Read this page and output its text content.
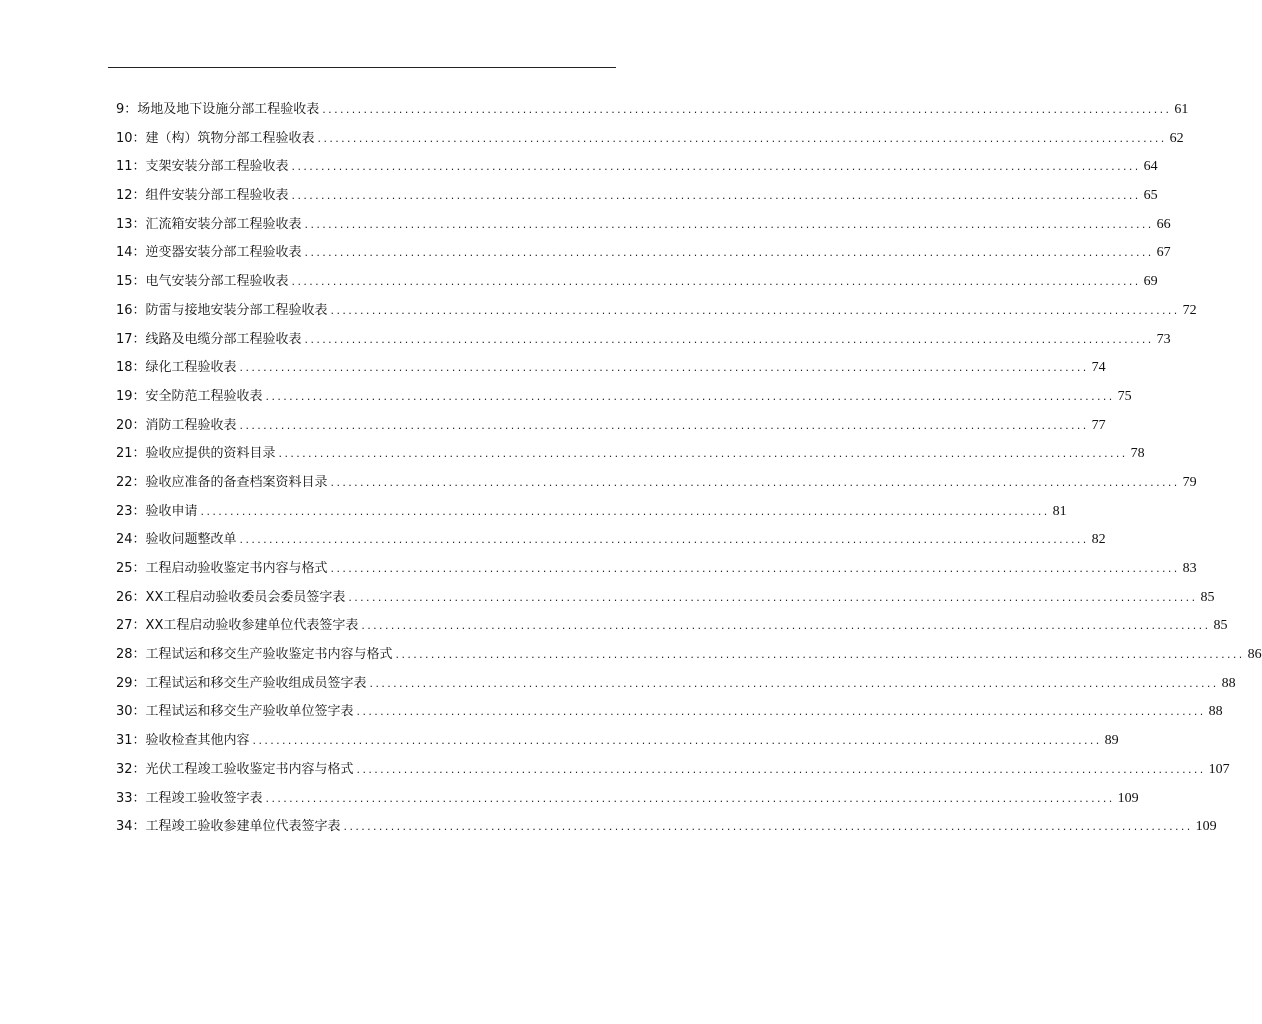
9：场地及地下设施分部工程验收表 ................................................................................................................................................ 61
10：建（构）筑物分部工程验收表 ................................................................................................................................................ 62
11：支架安装分部工程验收表 ................................................................................................................................................ 64
12：组件安装分部工程验收表 ................................................................................................................................................ 65
13：汇流箱安装分部工程验收表 ................................................................................................................................................ 66
14：逆变器安装分部工程验收表 ................................................................................................................................................ 67
15：电气安装分部工程验收表 ................................................................................................................................................ 69
16：防雷与接地安装分部工程验收表 ................................................................................................................................................ 72
17：线路及电缆分部工程验收表 ................................................................................................................................................ 73
18：绿化工程验收表 ................................................................................................................................................ 74
19：安全防范工程验收表 ................................................................................................................................................ 75
20：消防工程验收表 ................................................................................................................................................ 77
21：验收应提供的资料目录 ................................................................................................................................................ 78
22：验收应准备的备查档案资料目录 ................................................................................................................................................ 79
23：验收申请 ................................................................................................................................................ 81
24：验收问题整改单 ................................................................................................................................................ 82
25：工程启动验收鉴定书内容与格式 ................................................................................................................................................ 83
26：XX工程启动验收委员会委员签字表 ................................................................................................................................................ 85
27：XX工程启动验收参建单位代表签字表 ................................................................................................................................................ 85
28：工程试运和移交生产验收鉴定书内容与格式 ................................................................................................................................................ 86
29：工程试运和移交生产验收组成员签字表 ................................................................................................................................................ 88
30：工程试运和移交生产验收单位签字表 ................................................................................................................................................ 88
31：验收检查其他内容 ................................................................................................................................................ 89
32：光伏工程竣工验收鉴定书内容与格式 ................................................................................................................................................ 107
33：工程竣工验收签字表 ................................................................................................................................................ 109
34：工程竣工验收参建单位代表签字表 ................................................................................................................................................ 109
